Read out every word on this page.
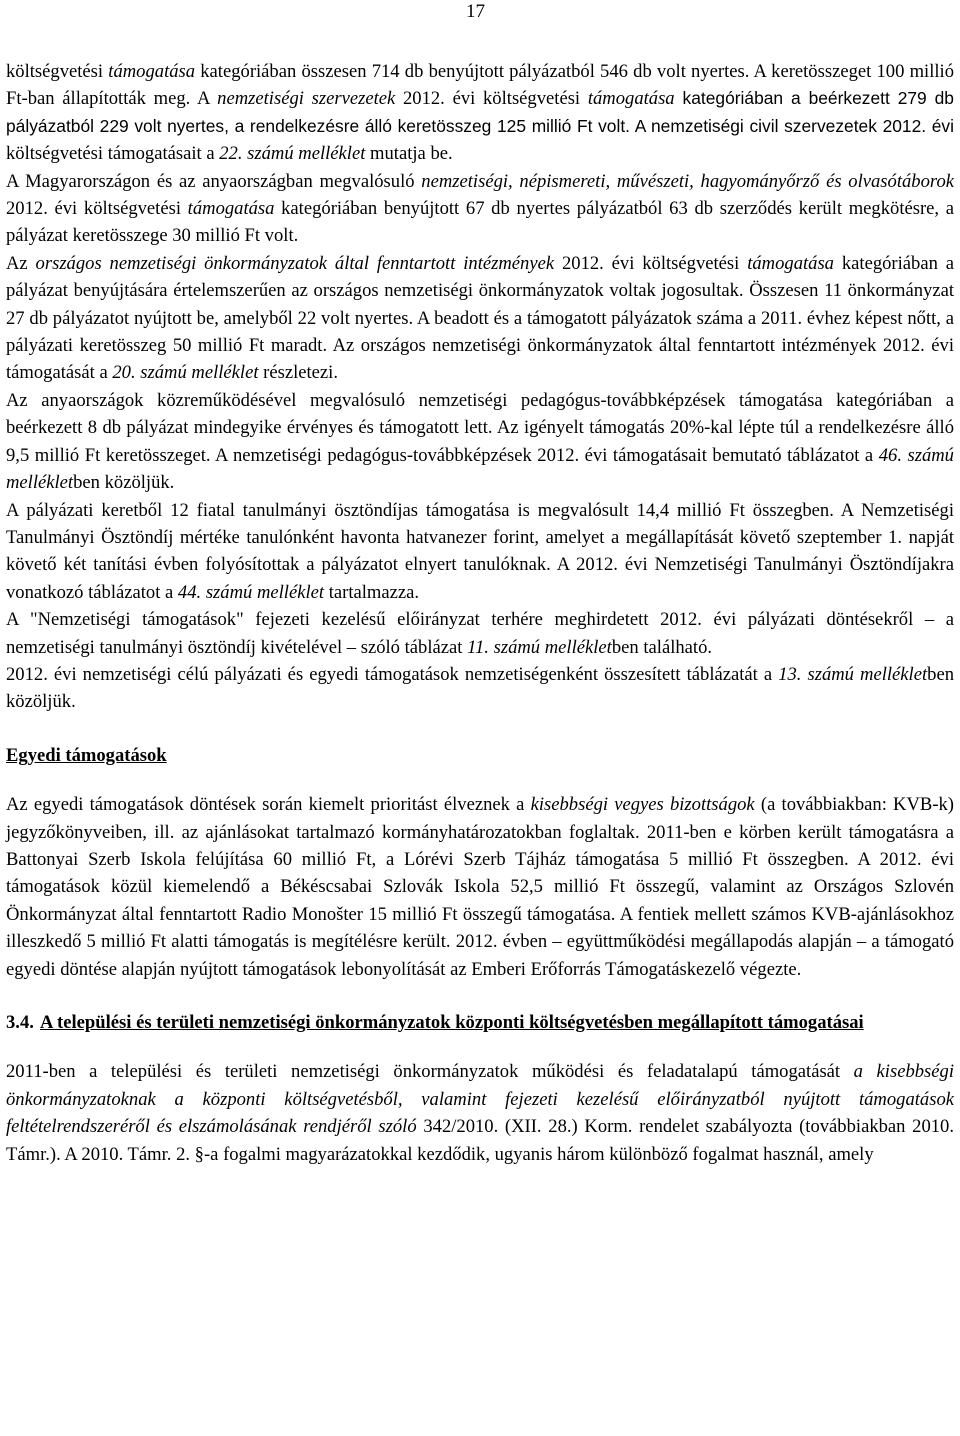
17

költségvetési támogatása kategóriában összesen 714 db benyújtott pályázatból 546 db volt nyertes. A keretösszeget 100 millió Ft-ban állapították meg. A nemzetiségi szervezetek 2012. évi költségvetési támogatása kategóriában a beérkezett 279 db pályázatból 229 volt nyertes, a rendelkezésre álló keretösszeg 125 millió Ft volt. A nemzetiségi civil szervezetek 2012. évi költségvetési támogatásait a 22. számú melléklet mutatja be.

A Magyarországon és az anyaországban megvalósuló nemzetiségi, népismereti, művészeti, hagyományőrző és olvasótáborok 2012. évi költségvetési támogatása kategóriában benyújtott 67 db nyertes pályázatból 63 db szerződés került megkötésre, a pályázat keretösszege 30 millió Ft volt.

Az országos nemzetiségi önkormányzatok által fenntartott intézmények 2012. évi költségvetési támogatása kategóriában a pályázat benyújtására értelemszerűen az országos nemzetiségi önkormányzatok voltak jogosultak. Összesen 11 önkormányzat 27 db pályázatot nyújtott be, amelyből 22 volt nyertes. A beadott és a támogatott pályázatok száma a 2011. évhez képest nőtt, a pályázati keretösszeg 50 millió Ft maradt. Az országos nemzetiségi önkormányzatok által fenntartott intézmények 2012. évi támogatását a 20. számú melléklet részletezi.

Az anyaországok közreműködésével megvalósuló nemzetiségi pedagógus-továbbképzések támogatása kategóriában a beérkezett 8 db pályázat mindegyike érvényes és támogatott lett. Az igényelt támogatás 20%-kal lépte túl a rendelkezésre álló 9,5 millió Ft keretösszeget. A nemzetiségi pedagógus-továbbképzések 2012. évi támogatásait bemutató táblázatot a 46. számú mellékletben közöljük.

A pályázati keretből 12 fiatal tanulmányi ösztöndíjas támogatása is megvalósult 14,4 millió Ft összegben. A Nemzetiségi Tanulmányi Ösztöndíj mértéke tanulónként havonta hatvanezer forint, amelyet a megállapítását követő szeptember 1. napját követő két tanítási évben folyósítottak a pályázatot elnyert tanulóknak. A 2012. évi Nemzetiségi Tanulmányi Ösztöndíjakra vonatkozó táblázatot a 44. számú melléklet tartalmazza.

A "Nemzetiségi támogatások" fejezeti kezelésű előirányzat terhére meghirdetett 2012. évi pályázati döntésekről – a nemzetiségi tanulmányi ösztöndíj kivételével – szóló táblázat 11. számú mellékletben található.

2012. évi nemzetiségi célú pályázati és egyedi támogatások nemzetiségenként összesített táblázatát a 13. számú mellékletben közöljük.

Egyedi támogatások

Az egyedi támogatások döntések során kiemelt prioritást élveznek a kisebbségi vegyes bizottságok (a továbbiakban: KVB-k) jegyzőkönyveiben, ill. az ajánlásokat tartalmazó kormányhatározatokban foglaltak. 2011-ben e körben került támogatásra a Battonyai Szerb Iskola felújítása 60 millió Ft, a Lórévi Szerb Tájház támogatása 5 millió Ft összegben. A 2012. évi támogatások közül kiemelendő a Békéscsabai Szlovák Iskola 52,5 millió Ft összegű, valamint az Országos Szlovén Önkormányzat által fenntartott Radio Monošter 15 millió Ft összegű támogatása. A fentiek mellett számos KVB-ajánlásokhoz illeszkedő 5 millió Ft alatti támogatás is megítélésre került. 2012. évben – együttműködési megállapodás alapján – a támogató egyedi döntése alapján nyújtott támogatások lebonyolítását az Emberi Erőforrás Támogatáskezelő végezte.

3.4. A települési és területi nemzetiségi önkormányzatok központi költségvetésben megállapított támogatásai

2011-ben a települési és területi nemzetiségi önkormányzatok működési és feladatalapú támogatását a kisebbségi önkormányzatoknak a központi költségvetésből, valamint fejezeti kezelésű előirányzatból nyújtott támogatások feltételrendszeréről és elszámolásának rendjéről szóló 342/2010. (XII. 28.) Korm. rendelet szabályozta (továbbiakban 2010. Támr.). A 2010. Támr. 2. §-a fogalmi magyarázatokkal kezdődik, ugyanis három különböző fogalmat használ, amely
